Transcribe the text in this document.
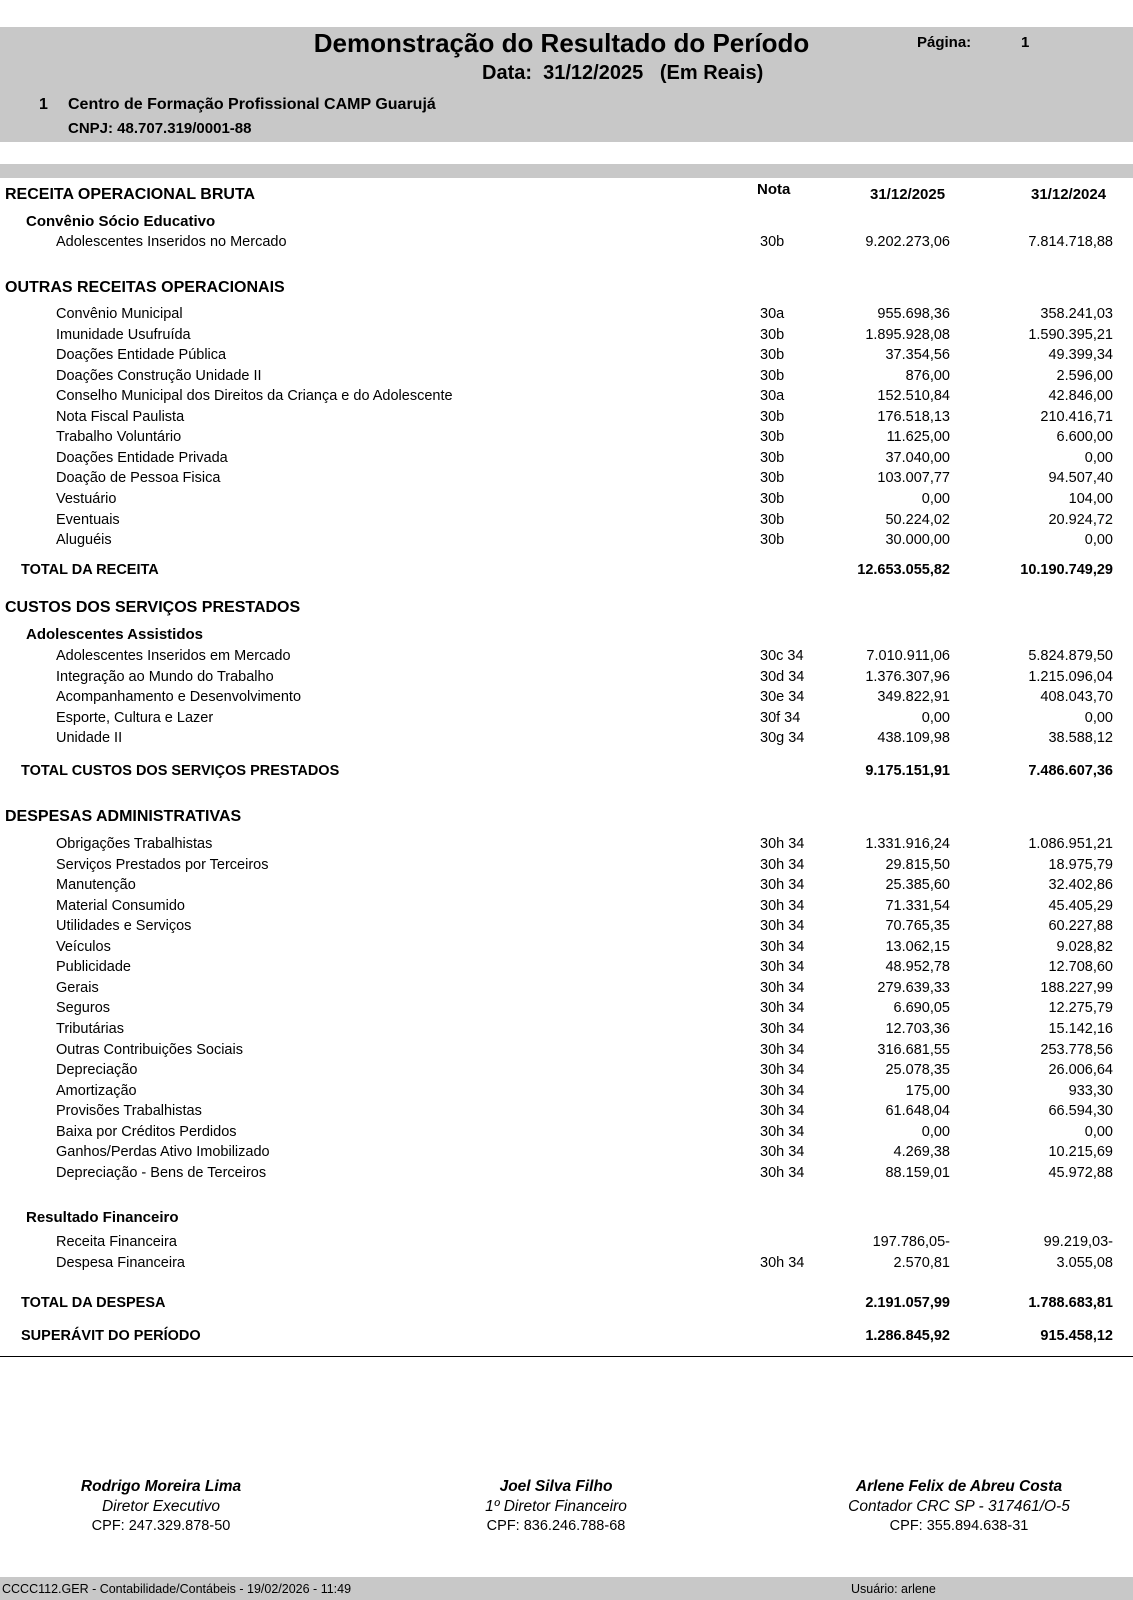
Demonstração do Resultado do Período
Data:  31/12/2025   (Em Reais)
Página:	1
1 Centro de Formação Profissional CAMP Guarujá
CNPJ: 48.707.319/0001-88
RECEITA OPERACIONAL BRUTA	Nota	31/12/2025	31/12/2024
Convênio Sócio Educativo
Adolescentes Inseridos no Mercado	30b	9.202.273,06	7.814.718,88
OUTRAS RECEITAS OPERACIONAIS
Convênio Municipal	30a	955.698,36	358.241,03
Imunidade Usufruída	30b	1.895.928,08	1.590.395,21
Doações Entidade Pública	30b	37.354,56	49.399,34
Doações Construção Unidade II	30b	876,00	2.596,00
Conselho Municipal dos Direitos da Criança e do Adolescente	30a	152.510,84	42.846,00
Nota Fiscal Paulista	30b	176.518,13	210.416,71
Trabalho Voluntário	30b	11.625,00	6.600,00
Doações Entidade Privada	30b	37.040,00	0,00
Doação de Pessoa Fisica	30b	103.007,77	94.507,40
Vestuário	30b	0,00	104,00
Eventuais	30b	50.224,02	20.924,72
Aluguéis	30b	30.000,00	0,00
TOTAL DA RECEITA	12.653.055,82	10.190.749,29
CUSTOS DOS SERVIÇOS PRESTADOS
Adolescentes Assistidos
Adolescentes Inseridos em Mercado	30c 34	7.010.911,06	5.824.879,50
Integração ao Mundo do Trabalho	30d 34	1.376.307,96	1.215.096,04
Acompanhamento e Desenvolvimento	30e 34	349.822,91	408.043,70
Esporte, Cultura e Lazer	30f 34	0,00	0,00
Unidade II	30g 34	438.109,98	38.588,12
TOTAL CUSTOS DOS SERVIÇOS PRESTADOS	9.175.151,91	7.486.607,36
DESPESAS ADMINISTRATIVAS
Obrigações Trabalhistas	30h 34	1.331.916,24	1.086.951,21
Serviços Prestados por Terceiros	30h 34	29.815,50	18.975,79
Manutenção	30h 34	25.385,60	32.402,86
Material Consumido	30h 34	71.331,54	45.405,29
Utilidades e Serviços	30h 34	70.765,35	60.227,88
Veículos	30h 34	13.062,15	9.028,82
Publicidade	30h 34	48.952,78	12.708,60
Gerais	30h 34	279.639,33	188.227,99
Seguros	30h 34	6.690,05	12.275,79
Tributárias	30h 34	12.703,36	15.142,16
Outras Contribuições Sociais	30h 34	316.681,55	253.778,56
Depreciação	30h 34	25.078,35	26.006,64
Amortização	30h 34	175,00	933,30
Provisões Trabalhistas	30h 34	61.648,04	66.594,30
Baixa por Créditos Perdidos	30h 34	0,00	0,00
Ganhos/Perdas Ativo Imobilizado	30h 34	4.269,38	10.215,69
Depreciação - Bens de Terceiros	30h 34	88.159,01	45.972,88
Resultado Financeiro
Receita Financeira	197.786,05-	99.219,03-
Despesa Financeira	30h 34	2.570,81	3.055,08
TOTAL DA DESPESA	2.191.057,99	1.788.683,81
SUPERÁVIT DO PERÍODO	1.286.845,92	915.458,12
Rodrigo Moreira Lima
Diretor Executivo
CPF: 247.329.878-50
Joel Silva Filho
1º Diretor Financeiro
CPF: 836.246.788-68
Arlene Felix de Abreu Costa
Contador CRC SP - 317461/O-5
CPF: 355.894.638-31
CCCC112.GER - Contabilidade/Contábeis - 19/02/2026 - 11:49	Usuário: arlene
